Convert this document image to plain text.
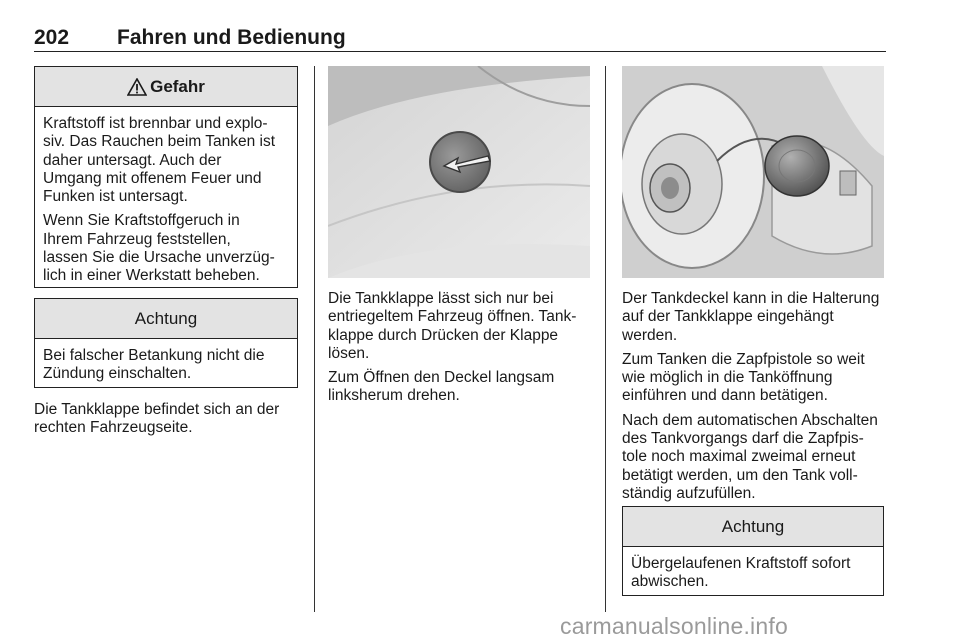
202 Fahren und Bedienung
Gefahr

Kraftstoff ist brennbar und explo-
siv. Das Rauchen beim Tanken ist
daher untersagt. Auch der
Umgang mit offenem Feuer und
Funken ist untersagt.

Wenn Sie Kraftstoffgeruch in
Ihrem Fahrzeug feststellen,
lassen Sie die Ursache unverzüg-
lich in einer Werkstatt beheben.

Achtung

Bei falscher Betankung nicht die
Zündung einschalten.

Die Tankklappe befindet sich an der
rechten Fahrzeugseite.

Die Tankklappe lässt sich nur bei
entriegeltem Fahrzeug öffnen. Tank-
klappe durch Drücken der Klappe
lösen.

Zum Öffnen den Deckel langsam
linksherum drehen.

Der Tankdeckel kann in die Halterung
auf der Tankklappe eingehängt
werden.

Zum Tanken die Zapfpistole so weit
wie möglich in die Tanköffnung
einführen und dann betätigen.

Nach dem automatischen Abschalten
des Tankvorgangs darf die Zapfpis-
tole noch maximal zweimal erneut
betätigt werden, um den Tank voll-
ständig aufzufüllen.

Achtung

Übergelaufenen Kraftstoff sofort
abwischen.

carmanualsonline.info
